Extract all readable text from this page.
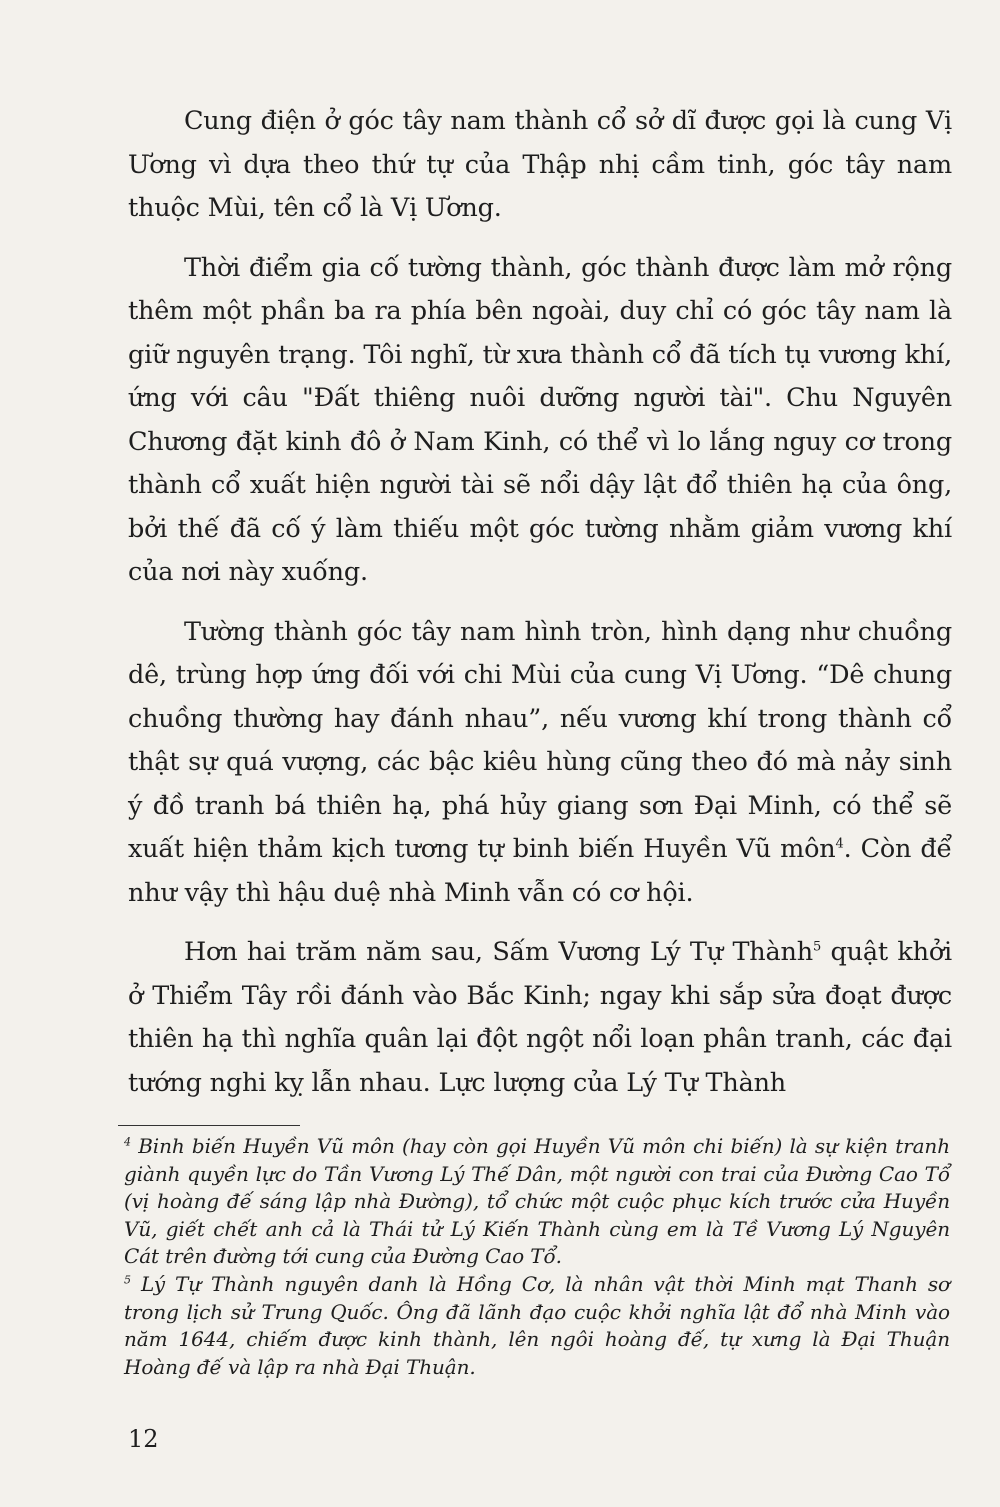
Cung điện ở góc tây nam thành cổ sở dĩ được gọi là cung Vị Ương vì dựa theo thứ tự của Thập nhị cầm tinh, góc tây nam thuộc Mùi, tên cổ là Vị Ương.

Thời điểm gia cố tường thành, góc thành được làm mở rộng thêm một phần ba ra phía bên ngoài, duy chỉ có góc tây nam là giữ nguyên trạng. Tôi nghĩ, từ xưa thành cổ đã tích tụ vương khí, ứng với câu "Đất thiêng nuôi dưỡng người tài". Chu Nguyên Chương đặt kinh đô ở Nam Kinh, có thể vì lo lắng nguy cơ trong thành cổ xuất hiện người tài sẽ nổi dậy lật đổ thiên hạ của ông, bởi thế đã cố ý làm thiếu một góc tường nhằm giảm vương khí của nơi này xuống.

Tường thành góc tây nam hình tròn, hình dạng như chuồng dê, trùng hợp ứng đối với chi Mùi của cung Vị Ương. “Dê chung chuồng thường hay đánh nhau”, nếu vương khí trong thành cổ thật sự quá vượng, các bậc kiêu hùng cũng theo đó mà nảy sinh ý đồ tranh bá thiên hạ, phá hủy giang sơn Đại Minh, có thể sẽ xuất hiện thảm kịch tương tự binh biến Huyền Vũ môn$^4$. Còn để như vậy thì hậu duệ nhà Minh vẫn có cơ hội.

Hơn hai trăm năm sau, Sấm Vương Lý Tự Thành$^5$ quật khởi ở Thiểm Tây rồi đánh vào Bắc Kinh; ngay khi sắp sửa đoạt được thiên hạ thì nghĩa quân lại đột ngột nổi loạn phân tranh, các đại tướng nghi kỵ lẫn nhau. Lực lượng của Lý Tự Thành

$^4$ Binh biến Huyền Vũ môn (hay còn gọi Huyền Vũ môn chi biến) là sự kiện tranh giành quyền lực do Tần Vương Lý Thế Dân, một người con trai của Đường Cao Tổ (vị hoàng đế sáng lập nhà Đường), tổ chức một cuộc phục kích trước cửa Huyền Vũ, giết chết anh cả là Thái tử Lý Kiến Thành cùng em là Tề Vương Lý Nguyên Cát trên đường tới cung của Đường Cao Tổ.

$^5$ Lý Tự Thành nguyên danh là Hồng Cơ, là nhân vật thời Minh mạt Thanh sơ trong lịch sử Trung Quốc. Ông đã lãnh đạo cuộc khởi nghĩa lật đổ nhà Minh vào năm 1644, chiếm được kinh thành, lên ngôi hoàng đế, tự xưng là Đại Thuận Hoàng đế và lập ra nhà Đại Thuận.

12
